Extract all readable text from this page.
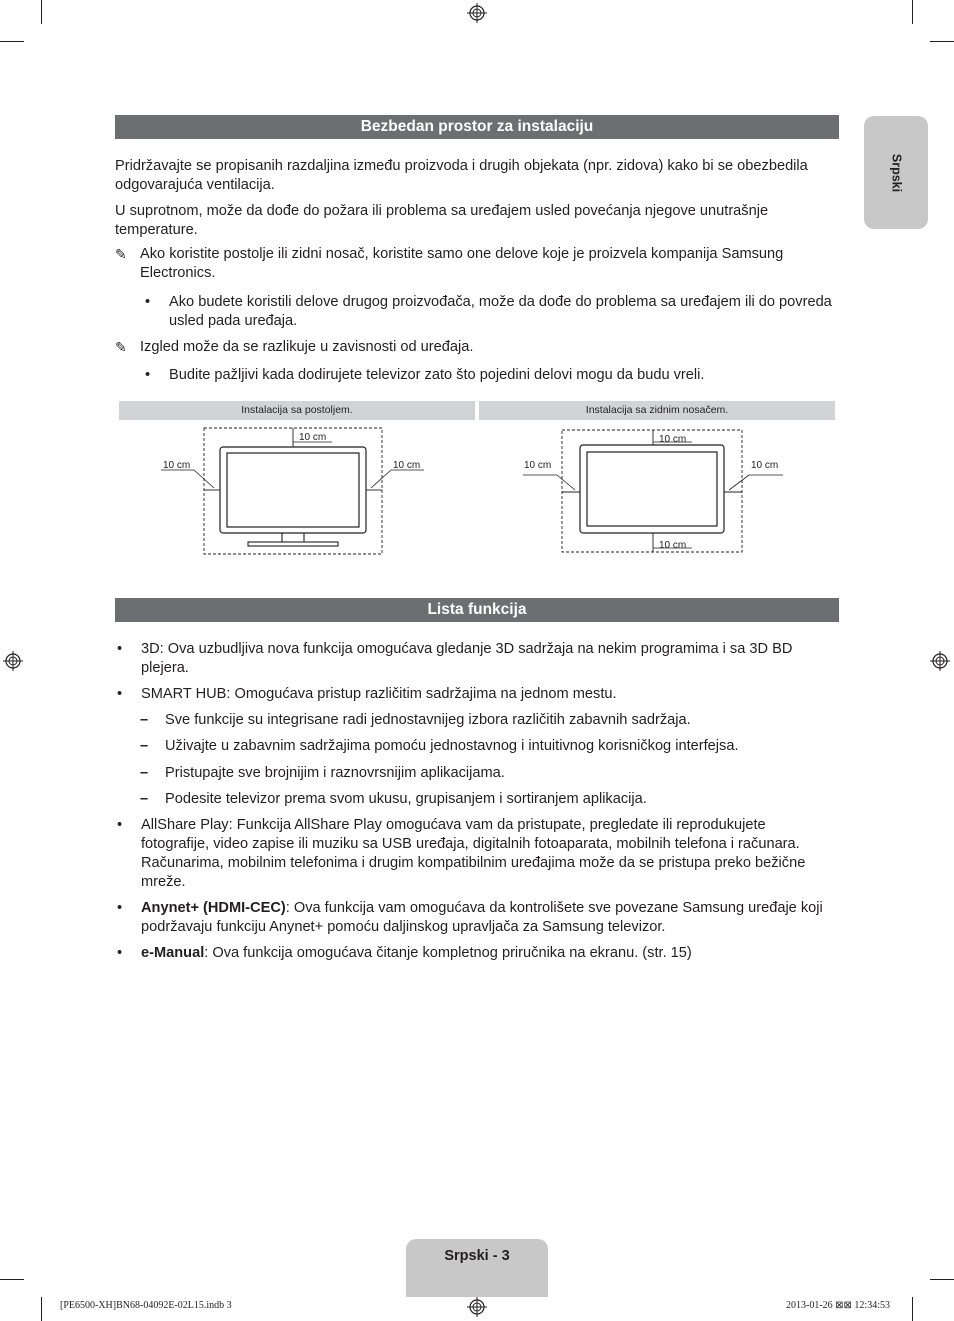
Srpski
Bezbedan prostor za instalaciju

Pridržavajte se propisanih razdaljina između proizvoda i drugih objekata (npr. zidova) kako bi se obezbedila odgovarajuća ventilacija.

U suprotnom, može da dođe do požara ili problema sa uređajem usled povećanja njegove unutrašnje temperature.

✎ Ako koristite postolje ili zidni nosač, koristite samo one delove koje je proizvela kompanija Samsung Electronics.
•	Ako budete koristili delove drugog proizvođača, može da dođe do problema sa uređajem ili do povreda usled pada uređaja.
✎ Izgled može da se razlikuje u zavisnosti od uređaja.
•	Budite pažljivi kada dodirujete televizor zato što pojedini delovi mogu da budu vreli.
Instalacija sa postoljem.	Instalacija sa zidnim nosačem.
10 cm
10 cm	10 cm
10 cm
10 cm	10 cm
10 cm
Lista funkcija
•	3D: Ova uzbudljiva nova funkcija omogućava gledanje 3D sadržaja na nekim programima i sa 3D BD plejera.
•	SMART HUB: Omogućava pristup različitim sadržajima na jednom mestu.
–	Sve funkcije su integrisane radi jednostavnijeg izbora različitih zabavnih sadržaja.
–	Uživajte u zabavnim sadržajima pomoću jednostavnog i intuitivnog korisničkog interfejsa.
–	Pristupajte sve brojnijim i raznovrsnijim aplikacijama.
–	Podesite televizor prema svom ukusu, grupisanjem i sortiranjem aplikacija.
•	AllShare Play: Funkcija AllShare Play omogućava vam da pristupate, pregledate ili reprodukujete fotografije, video zapise ili muziku sa USB uređaja, digitalnih fotoaparata, mobilnih telefona i računara. Računarima, mobilnim telefonima i drugim kompatibilnim uređajima može da se pristupa preko bežične mreže.
•	Anynet+ (HDMI-CEC): Ova funkcija vam omogućava da kontrolišete sve povezane Samsung uređaje koji podržavaju funkciju Anynet+ pomoću daljinskog upravljača za Samsung televizor.
•	e-Manual: Ova funkcija omogućava čitanje kompletnog priručnika na ekranu. (str. 15)
Srpski - 3
[PE6500-XH]BN68-04092E-02L15.indb 3	2013-01-26 ⊠⊠ 12:34:53
